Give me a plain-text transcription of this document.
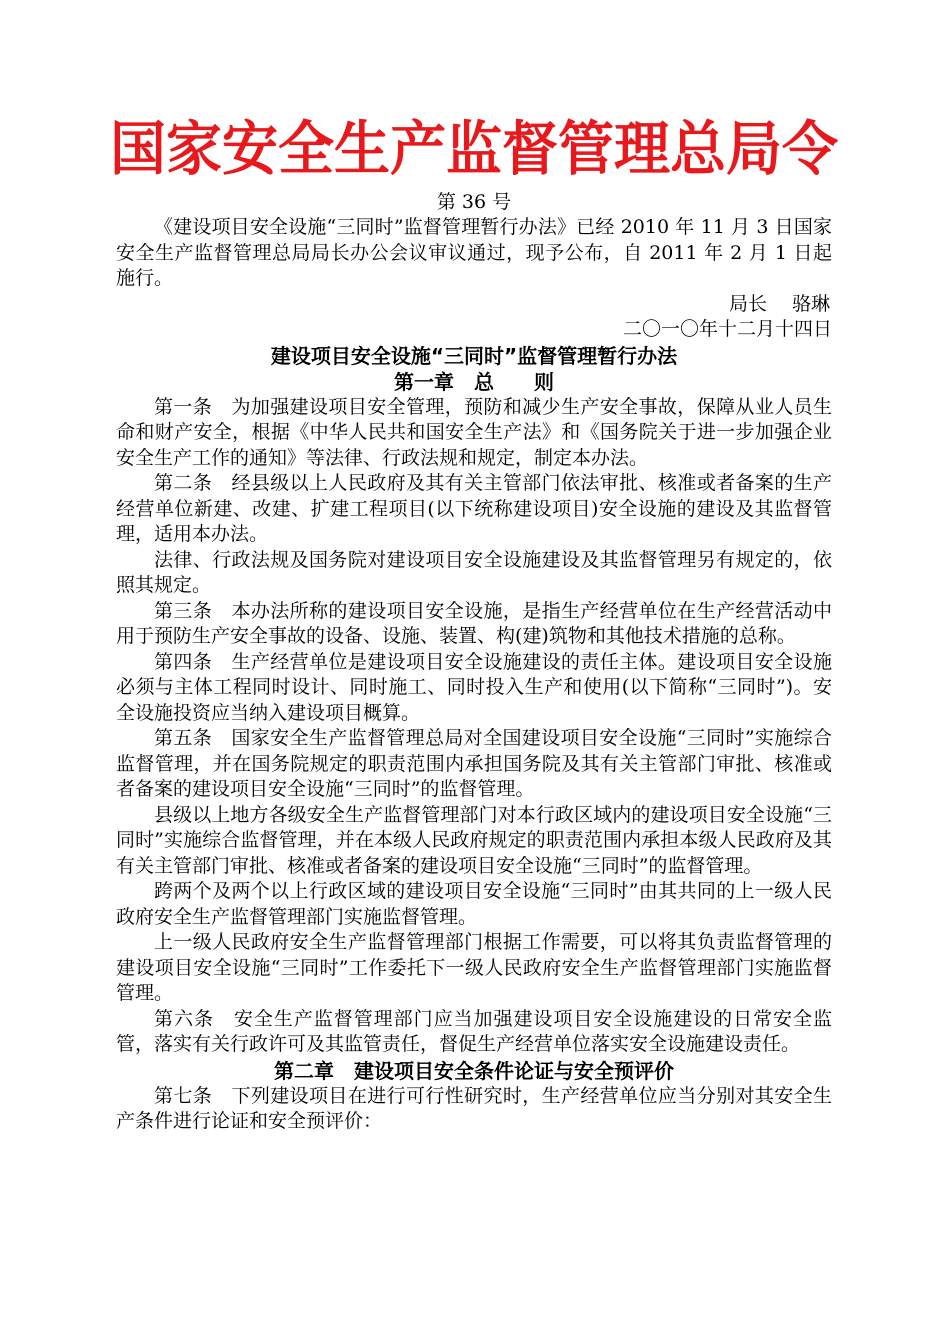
国家安全生产监督管理总局令
第 36 号

《建设项目安全设施“三同时”监督管理暂行办法》已经 2010 年 11 月 3 日国家安全生产监督管理总局局长办公会议审议通过，现予公布，自 2011 年 2 月 1 日起施行。

局长　 骆琳
二〇一〇年十二月十四日
建设项目安全设施“三同时”监督管理暂行办法
第一章　总　　则

第一条　为加强建设项目安全管理，预防和减少生产安全事故，保障从业人员生命和财产安全，根据《中华人民共和国安全生产法》和《国务院关于进一步加强企业安全生产工作的通知》等法律、行政法规和规定，制定本办法。

第二条　经县级以上人民政府及其有关主管部门依法审批、核准或者备案的生产经营单位新建、改建、扩建工程项目(以下统称建设项目)安全设施的建设及其监督管理，适用本办法。

法律、行政法规及国务院对建设项目安全设施建设及其监督管理另有规定的，依照其规定。

第三条　本办法所称的建设项目安全设施，是指生产经营单位在生产经营活动中用于预防生产安全事故的设备、设施、装置、构(建)筑物和其他技术措施的总称。

第四条　生产经营单位是建设项目安全设施建设的责任主体。建设项目安全设施必须与主体工程同时设计、同时施工、同时投入生产和使用(以下简称“三同时”)。安全设施投资应当纳入建设项目概算。

第五条　国家安全生产监督管理总局对全国建设项目安全设施“三同时”实施综合监督管理，并在国务院规定的职责范围内承担国务院及其有关主管部门审批、核准或者备案的建设项目安全设施“三同时”的监督管理。

县级以上地方各级安全生产监督管理部门对本行政区域内的建设项目安全设施“三同时”实施综合监督管理，并在本级人民政府规定的职责范围内承担本级人民政府及其有关主管部门审批、核准或者备案的建设项目安全设施“三同时”的监督管理。

跨两个及两个以上行政区域的建设项目安全设施“三同时”由其共同的上一级人民政府安全生产监督管理部门实施监督管理。

上一级人民政府安全生产监督管理部门根据工作需要，可以将其负责监督管理的建设项目安全设施“三同时”工作委托下一级人民政府安全生产监督管理部门实施监督管理。

第六条　安全生产监督管理部门应当加强建设项目安全设施建设的日常安全监管，落实有关行政许可及其监管责任，督促生产经营单位落实安全设施建设责任。

第二章　建设项目安全条件论证与安全预评价

第七条　下列建设项目在进行可行性研究时，生产经营单位应当分别对其安全生产条件进行论证和安全预评价：
